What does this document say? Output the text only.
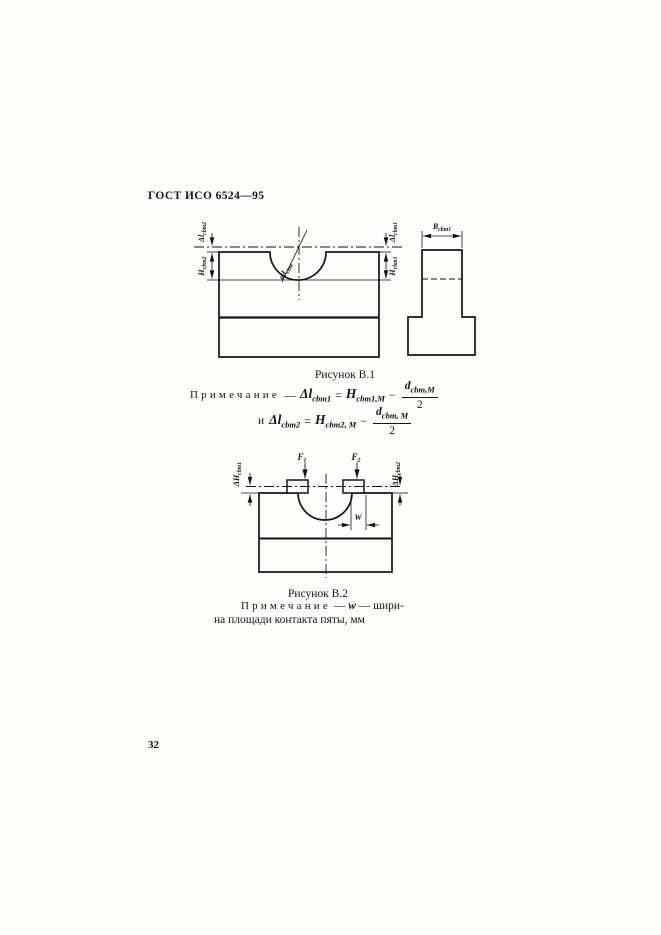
ГОСТ ИСО 6524—95
$\Delta l_{cbm2}$
$H_{cbm2}$
$\Delta l_{cbm1}$
$H_{cbm1}$
$ød_{cbm}$
$B_{cbm1}$
Рисунок В.1
Примечание — $\Delta l_{cbm1} = H_{cbm1,M} - \frac{d_{cbm,M}}{2}$
и $\Delta l_{cbm2} = H_{cbm2, M} - \frac{d_{cbm, M}}{2}$
$F_1$	$F_2$
$\Delta H_{cbm1}$
$\Delta H_{cbm2}$
W
Рисунок В.2
Примечание — w — шири-
на площади контакта пяты, мм
32
